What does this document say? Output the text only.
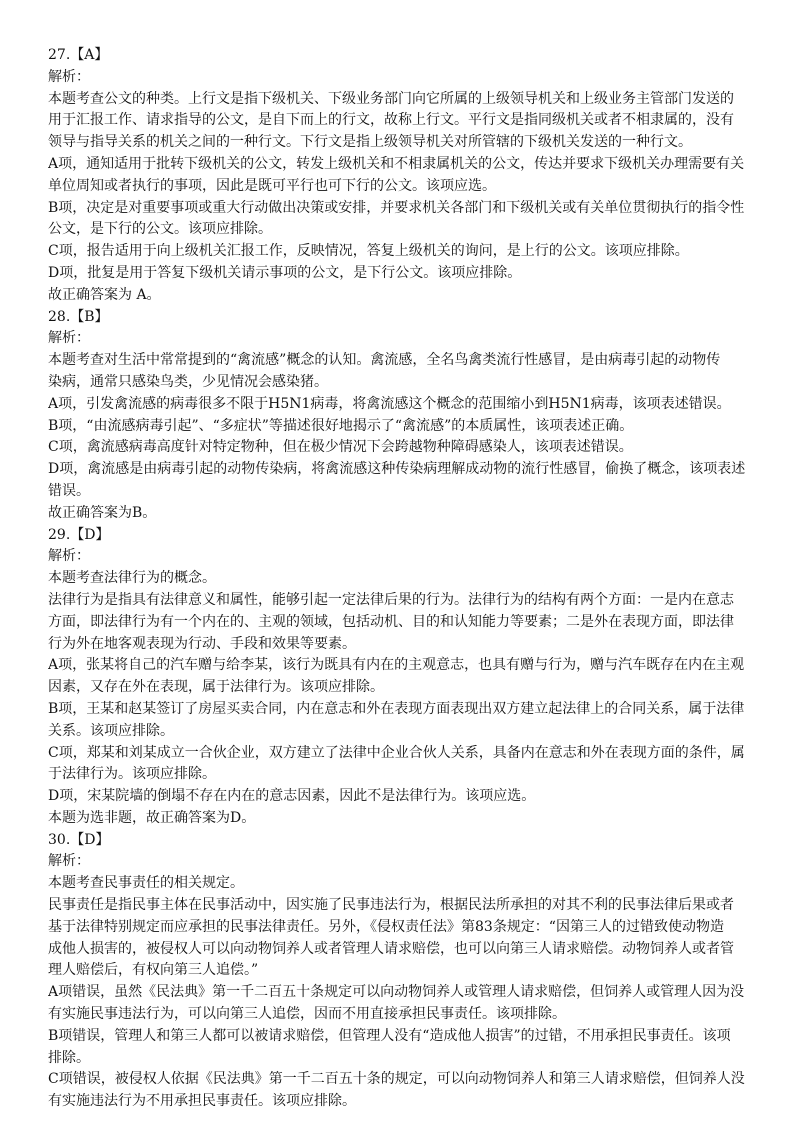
27.【A】
解析：
本题考查公文的种类。上行文是指下级机关、下级业务部门向它所属的上级领导机关和上级业务主管部门发送的
用于汇报工作、请求指导的公文，是自下而上的行文，故称上行文。平行文是指同级机关或者不相隶属的，没有
领导与指导关系的机关之间的一种行文。下行文是指上级领导机关对所管辖的下级机关发送的一种行文。
A项，通知适用于批转下级机关的公文，转发上级机关和不相隶属机关的公文，传达并要求下级机关办理需要有关
单位周知或者执行的事项，因此是既可平行也可下行的公文。该项应选。
B项，决定是对重要事项或重大行动做出决策或安排，并要求机关各部门和下级机关或有关单位贯彻执行的指令性
公文，是下行的公文。该项应排除。
C项，报告适用于向上级机关汇报工作，反映情况，答复上级机关的询问，是上行的公文。该项应排除。
D项，批复是用于答复下级机关请示事项的公文，是下行公文。该项应排除。
故正确答案为 A。
28.【B】
解析：
本题考查对生活中常常提到的“禽流感”概念的认知。禽流感，全名鸟禽类流行性感冒，是由病毒引起的动物传
染病，通常只感染鸟类，少见情况会感染猪。
A项，引发禽流感的病毒很多不限于H5N1病毒，将禽流感这个概念的范围缩小到H5N1病毒，该项表述错误。
B项，“由流感病毒引起”、“多症状”等描述很好地揭示了“禽流感”的本质属性，该项表述正确。
C项，禽流感病毒高度针对特定物种，但在极少情况下会跨越物种障碍感染人，该项表述错误。
D项，禽流感是由病毒引起的动物传染病，将禽流感这种传染病理解成动物的流行性感冒，偷换了概念，该项表述
错误。
故正确答案为B。
29.【D】
解析：
本题考查法律行为的概念。
法律行为是指具有法律意义和属性，能够引起一定法律后果的行为。法律行为的结构有两个方面：一是内在意志
方面，即法律行为有一个内在的、主观的领域，包括动机、目的和认知能力等要素；二是外在表现方面，即法律
行为外在地客观表现为行动、手段和效果等要素。
A项，张某将自己的汽车赠与给李某，该行为既具有内在的主观意志，也具有赠与行为，赠与汽车既存在内在主观
因素，又存在外在表现，属于法律行为。该项应排除。
B项，王某和赵某签订了房屋买卖合同，内在意志和外在表现方面表现出双方建立起法律上的合同关系，属于法律
关系。该项应排除。
C项，郑某和刘某成立一合伙企业，双方建立了法律中企业合伙人关系，具备内在意志和外在表现方面的条件，属
于法律行为。该项应排除。
D项，宋某院墙的倒塌不存在内在的意志因素，因此不是法律行为。该项应选。
本题为选非题，故正确答案为D。
30.【D】
解析：
本题考查民事责任的相关规定。
民事责任是指民事主体在民事活动中，因实施了民事违法行为，根据民法所承担的对其不利的民事法律后果或者
基于法律特别规定而应承担的民事法律责任。另外，《侵权责任法》第83条规定：“因第三人的过错致使动物造
成他人损害的，被侵权人可以向动物饲养人或者管理人请求赔偿，也可以向第三人请求赔偿。动物饲养人或者管
理人赔偿后，有权向第三人追偿。”
A项错误，虽然《民法典》第一千二百五十条规定可以向动物饲养人或管理人请求赔偿，但饲养人或管理人因为没
有实施民事违法行为，可以向第三人追偿，因而不用直接承担民事责任。该项排除。
B项错误，管理人和第三人都可以被请求赔偿，但管理人没有“造成他人损害”的过错，不用承担民事责任。该项
排除。
C项错误，被侵权人依据《民法典》第一千二百五十条的规定，可以向动物饲养人和第三人请求赔偿，但饲养人没
有实施违法行为不用承担民事责任。该项应排除。
